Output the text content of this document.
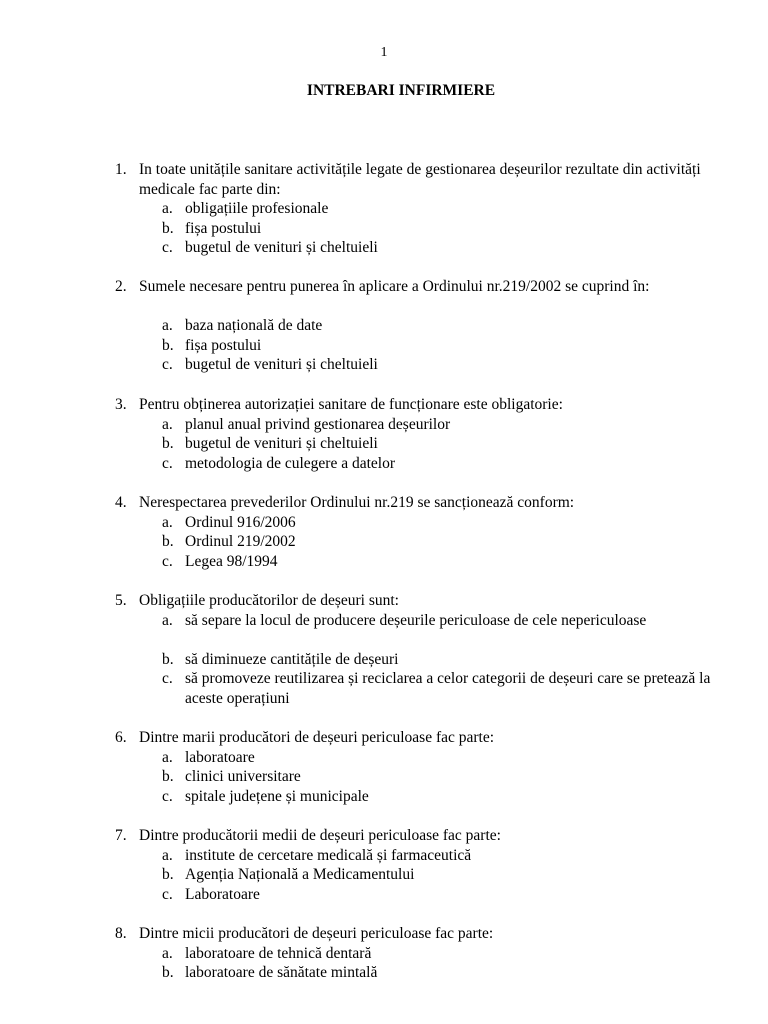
1
INTREBARI INFIRMIERE
1. In toate unitățile sanitare activitățile legate de gestionarea deșeurilor rezultate din activități medicale fac parte din:
a. obligațiile profesionale
b. fișa postului
c. bugetul de venituri și cheltuieli
2. Sumele necesare pentru punerea în aplicare a Ordinului nr.219/2002 se cuprind în:
a. baza națională de date
b. fișa postului
c. bugetul de venituri și cheltuieli
3. Pentru obținerea autorizației sanitare de funcționare este obligatorie:
a. planul anual privind gestionarea deșeurilor
b. bugetul de venituri și cheltuieli
c. metodologia de culegere a datelor
4. Nerespectarea prevederilor Ordinului nr.219 se sancționează conform:
a. Ordinul 916/2006
b. Ordinul 219/2002
c. Legea 98/1994
5. Obligațiile producătorilor de deșeuri sunt:
a. să separe la locul de producere deșeurile periculoase de cele nepericuloase
b. să diminueze cantitățile de deșeuri
c. să promoveze reutilizarea și reciclarea a celor categorii de deșeuri care se pretează la aceste operațiuni
6. Dintre marii producători de deșeuri periculoase fac parte:
a. laboratoare
b. clinici universitare
c. spitale județene și municipale
7. Dintre producătorii medii de deșeuri periculoase fac parte:
a. institute de cercetare medicală și farmaceutică
b. Agenția Națională a Medicamentului
c. Laboratoare
8. Dintre micii producători de deșeuri periculoase fac parte:
a. laboratoare de tehnică dentară
b. laboratoare de sănătate mintală
